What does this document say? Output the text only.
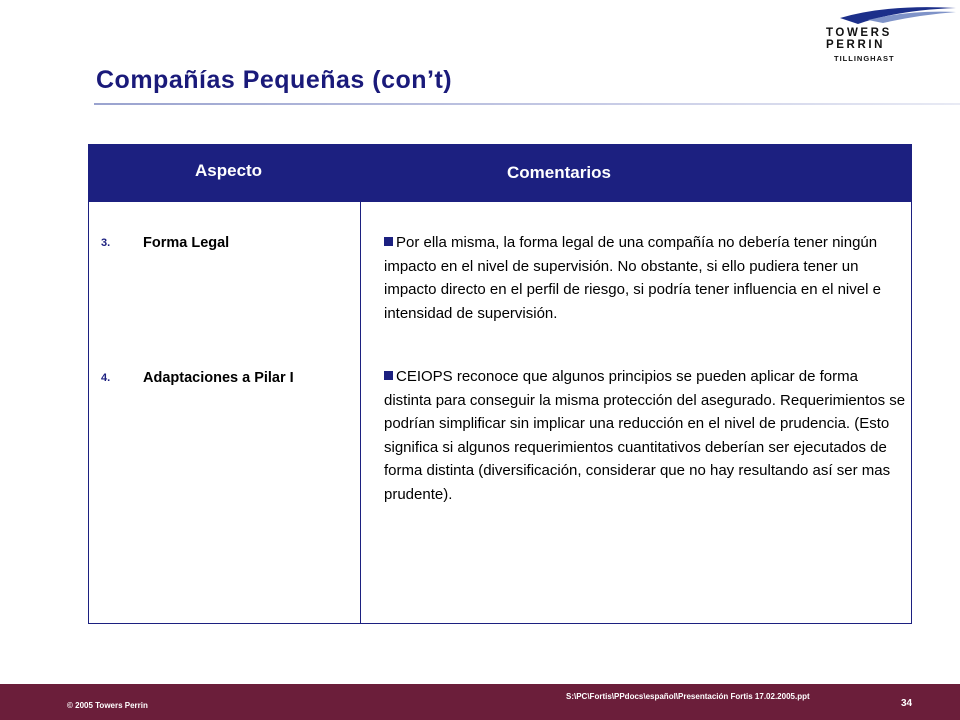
TOWERS
PERRIN
TILLINGHAST
Compañías Pequeñas (con’t)
Aspecto	Comentarios
3. Forma Legal	Por ella misma, la forma legal de una compañía no debería tener ningún impacto en el nivel de supervisión. No obstante, si ello pudiera tener un impacto directo en el perfil de riesgo, si podría tener influencia en el nivel e intensidad de supervisión.

4. Adaptaciones a Pilar I	CEIOPS reconoce que algunos principios se pueden aplicar de forma distinta para conseguir la misma protección del asegurado. Requerimientos se podrían simplificar sin implicar una reducción en el nivel de prudencia. (Esto significa si algunos requerimientos cuantitativos deberían ser ejecutados de forma distinta (diversificación, considerar que no hay resultando así ser mas prudente).

© 2005 Towers Perrin
S:\PC\Fortis\PPdocs\español\Presentación Fortis 17.02.2005.ppt
34
